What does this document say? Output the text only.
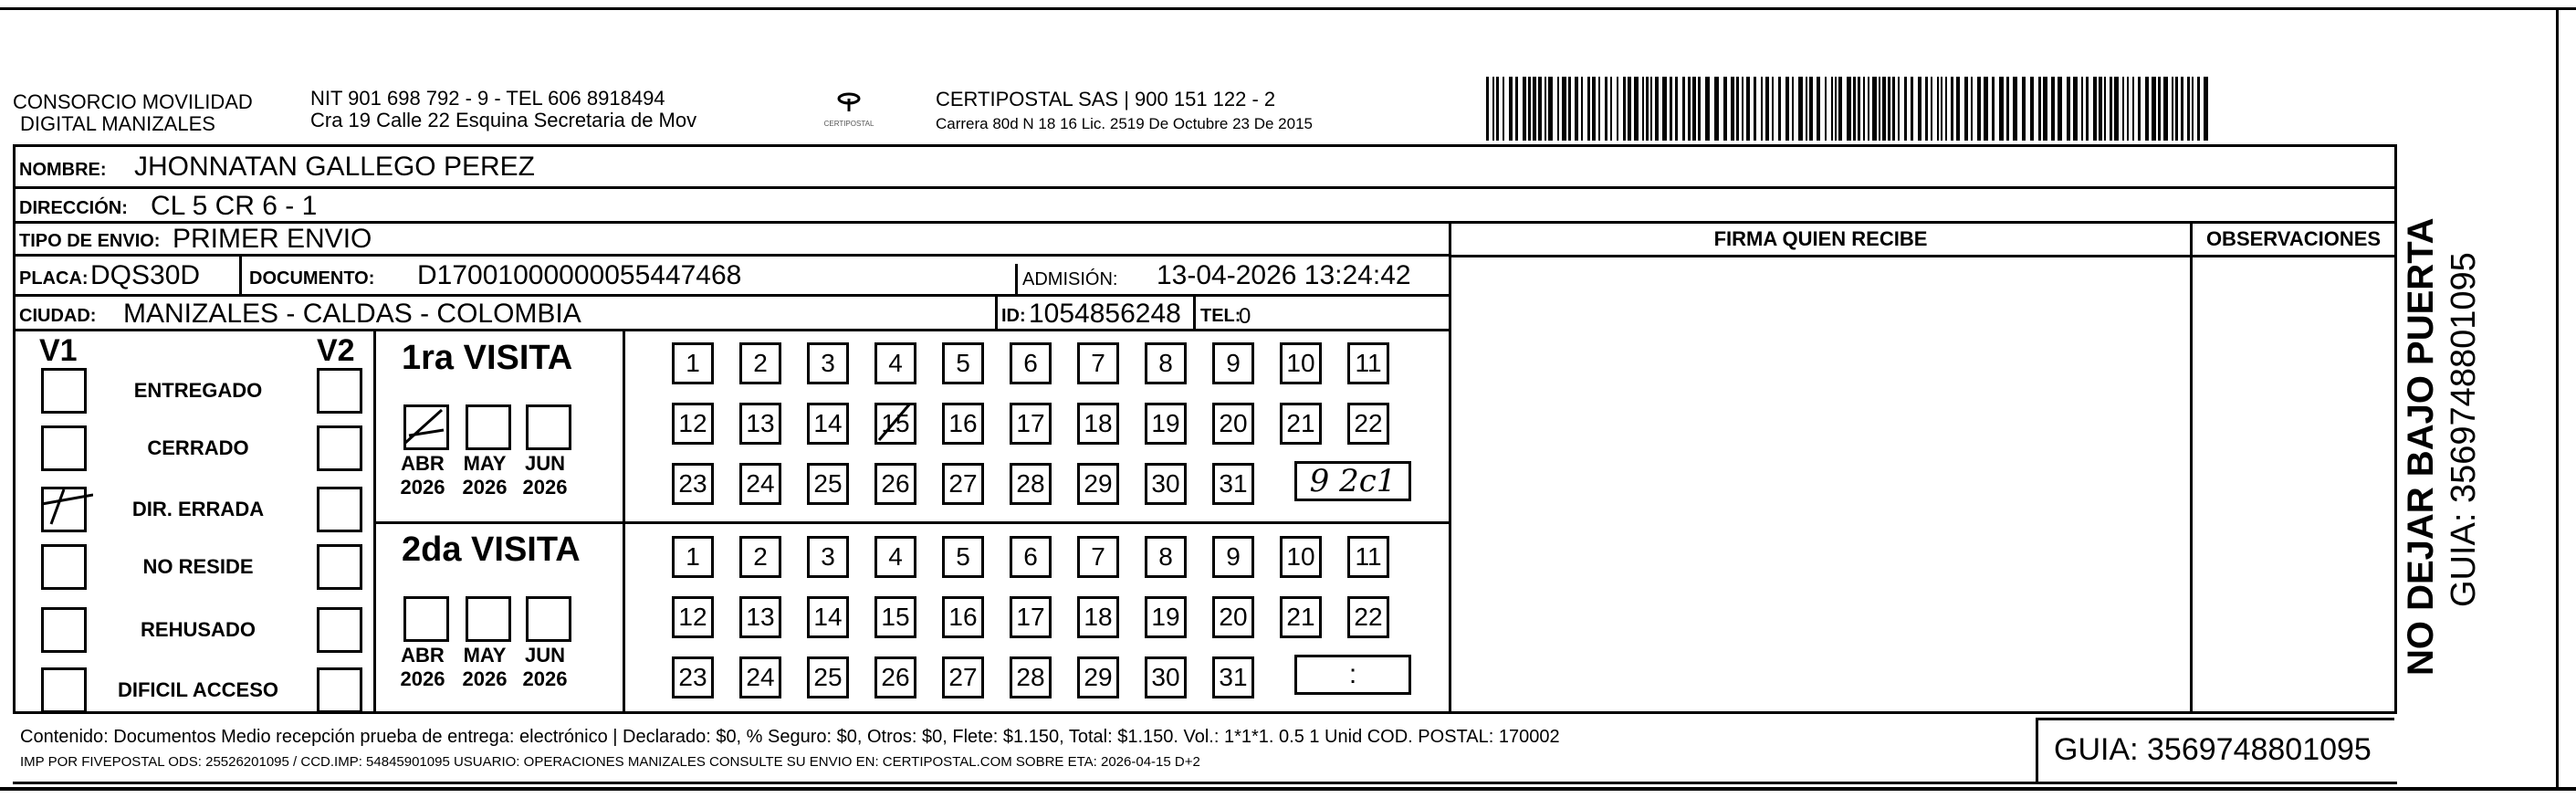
CONSORCIO MOVILIDAD
DIGITAL MANIZALES
NIT 901 698 792 - 9 - TEL 606 8918494
Cra 19 Calle 22 Esquina Secretaria de Mov	CERTIPOSTAL
CERTIPOSTAL SAS | 900 151 122 - 2
Carrera 80d N 18 16 Lic. 2519 De Octubre 23 De 2015
NOMBRE: JHONNATAN GALLEGO PEREZ
DIRECCIÓN: CL 5 CR 6 - 1
TIPO DE ENVIO: PRIMER ENVIO
PLACA: DQS30D	DOCUMENTO: D17001000000055447468	ADMISIÓN: 13-04-2026 13:24:42
CIUDAD: MANIZALES - CALDAS - COLOMBIA	ID: 1054856248 TEL:
0
FIRMA QUIEN RECIBE	OBSERVACIONES
V1	V2
ENTREGADO
CERRADO
DIR. ERRADA
NO RESIDE
REHUSADO
DIFICIL ACCESO
1ra VISITA
2da VISITA
ABR
2026
MAY
2026
JUN
2026
ABR
2026
MAY
2026
JUN
2026
1	2	3	4	5	6	7	8	9	10	11
12 13 14 15 16 17 18 19 20 21 22
23 24 25 26 27 28 29 30 31	9 2c1
1	2	3	4	5	6	7	8	9	10	11
12 13 14 15 16 17 18 19 20 21 22
23 24 25 26 27 28 29 30 31	:
Contenido: Documentos Medio recepción prueba de entrega: electrónico | Declarado: $0, % Seguro: $0, Otros: $0, Flete: $1.150, Total: $1.150. Vol.: 1*1*1. 0.5 1 Unid COD. POSTAL: 170002
IMP POR FIVEPOSTAL ODS: 25526201095 / CCD.IMP: 54845901095 USUARIO: OPERACIONES MANIZALES CONSULTE SU ENVIO EN: CERTIPOSTAL.COM SOBRE ETA: 2026-04-15 D+2	GUIA: 3569748801095
NO DEJAR BAJO PUERTA GUIA: 3569748801095
